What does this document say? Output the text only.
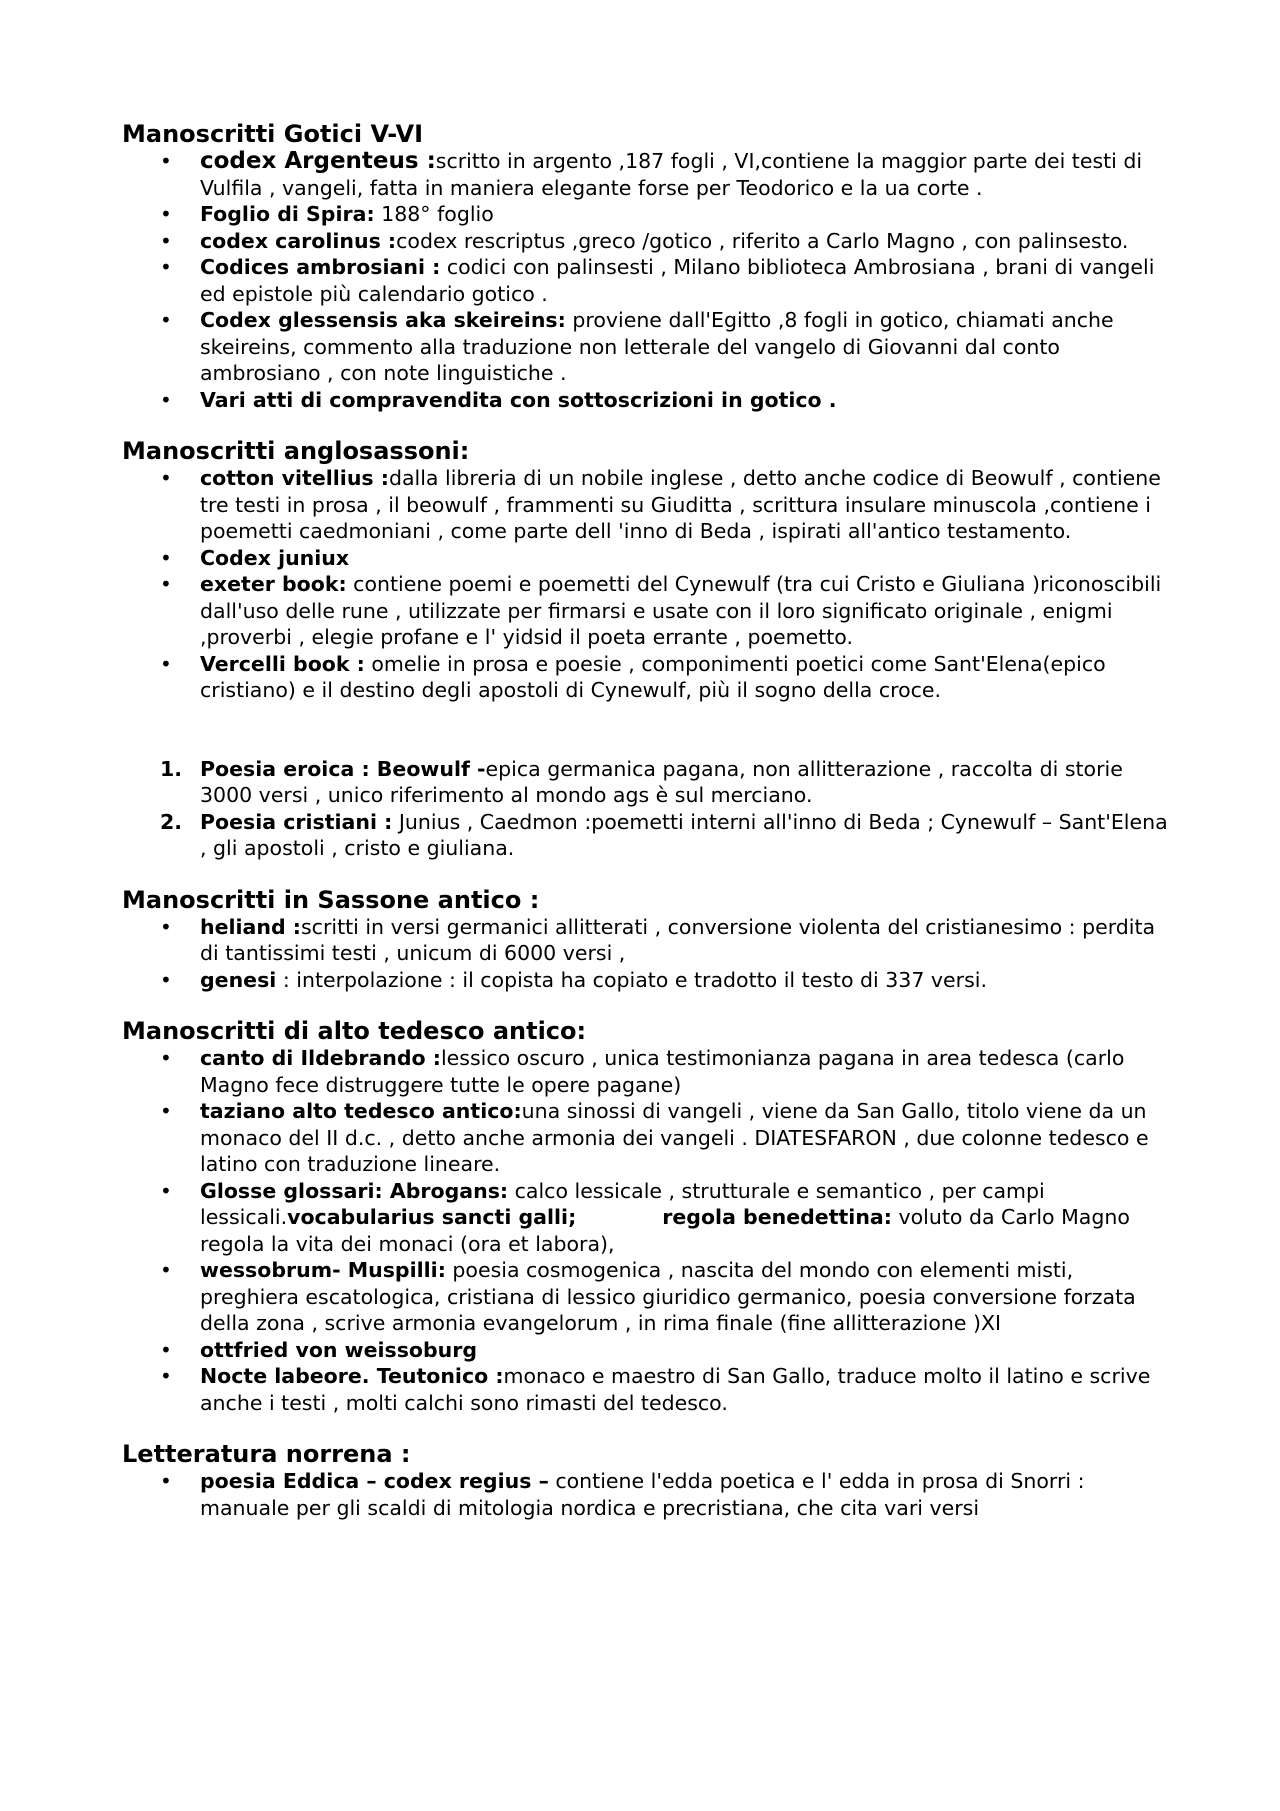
Manoscritti Gotici V-VI
•	codex Argenteus :scritto in argento ,187 fogli , VI,contiene la maggior parte dei testi di Vulfila , vangeli, fatta in maniera elegante forse per Teodorico e la ua corte .
•	Foglio di Spira: 188° foglio
•	codex carolinus :codex rescriptus ,greco /gotico , riferito a Carlo Magno , con palinsesto.
•	Codices ambrosiani : codici con palinsesti , Milano biblioteca Ambrosiana , brani di vangeli ed epistole più calendario gotico .
•	Codex glessensis aka skeireins: proviene dall'Egitto ,8 fogli in gotico, chiamati anche skeireins, commento alla traduzione non letterale del vangelo di Giovanni dal conto ambrosiano , con note linguistiche .
•	Vari atti di compravendita con sottoscrizioni in gotico .
Manoscritti anglosassoni:
•	cotton vitellius :dalla libreria di un nobile inglese , detto anche codice di Beowulf , contiene tre testi in prosa , il beowulf , frammenti su Giuditta , scrittura insulare minuscola ,contiene i poemetti caedmoniani , come parte dell 'inno di Beda , ispirati all'antico testamento.
•	Codex juniux
•	exeter book: contiene poemi e poemetti del Cynewulf (tra cui Cristo e Giuliana )riconoscibili dall'uso delle rune , utilizzate per firmarsi e usate con il loro significato originale , enigmi ,proverbi , elegie profane e l' yidsid il poeta errante , poemetto.
•	Vercelli book : omelie in prosa e poesie , componimenti poetici come Sant'Elena(epico cristiano) e il destino degli apostoli di Cynewulf, più il sogno della croce.
1. Poesia eroica : Beowulf -epica germanica pagana, non allitterazione , raccolta di storie 3000 versi , unico riferimento al mondo ags è sul merciano.
2. Poesia cristiani : Junius , Caedmon :poemetti interni all'inno di Beda ; Cynewulf – Sant'Elena , gli apostoli , cristo e giuliana.
Manoscritti in Sassone antico :
•	heliand :scritti in versi germanici allitterati , conversione violenta del cristianesimo : perdita di tantissimi testi , unicum di 6000 versi ,
•	genesi : interpolazione : il copista ha copiato e tradotto il testo di 337 versi.
Manoscritti di alto tedesco antico:
•	canto di Ildebrando :lessico oscuro , unica testimonianza pagana in area tedesca (carlo Magno fece distruggere tutte le opere pagane)
•	taziano alto tedesco antico:una sinossi di vangeli , viene da San Gallo, titolo viene da un monaco del II d.c. , detto anche armonia dei vangeli . DIATESFARON , due colonne tedesco e latino con traduzione lineare.
•	Glosse glossari: Abrogans: calco lessicale , strutturale e semantico , per campi lessicali.vocabularius sancti galli;	regola benedettina: voluto da Carlo Magno regola la vita dei monaci (ora et labora),
•	wessobrum- Muspilli: poesia cosmogenica , nascita del mondo con elementi misti, preghiera escatologica, cristiana di lessico giuridico germanico, poesia conversione forzata della zona , scrive armonia evangelorum , in rima finale (fine allitterazione )XI
•	ottfried von weissoburg
•	Nocte labeore. Teutonico :monaco e maestro di San Gallo, traduce molto il latino e scrive anche i testi , molti calchi sono rimasti del tedesco.
Letteratura norrena :
•	poesia Eddica – codex regius – contiene l'edda poetica e l' edda in prosa di Snorri : manuale per gli scaldi di mitologia nordica e precristiana, che cita vari versi
